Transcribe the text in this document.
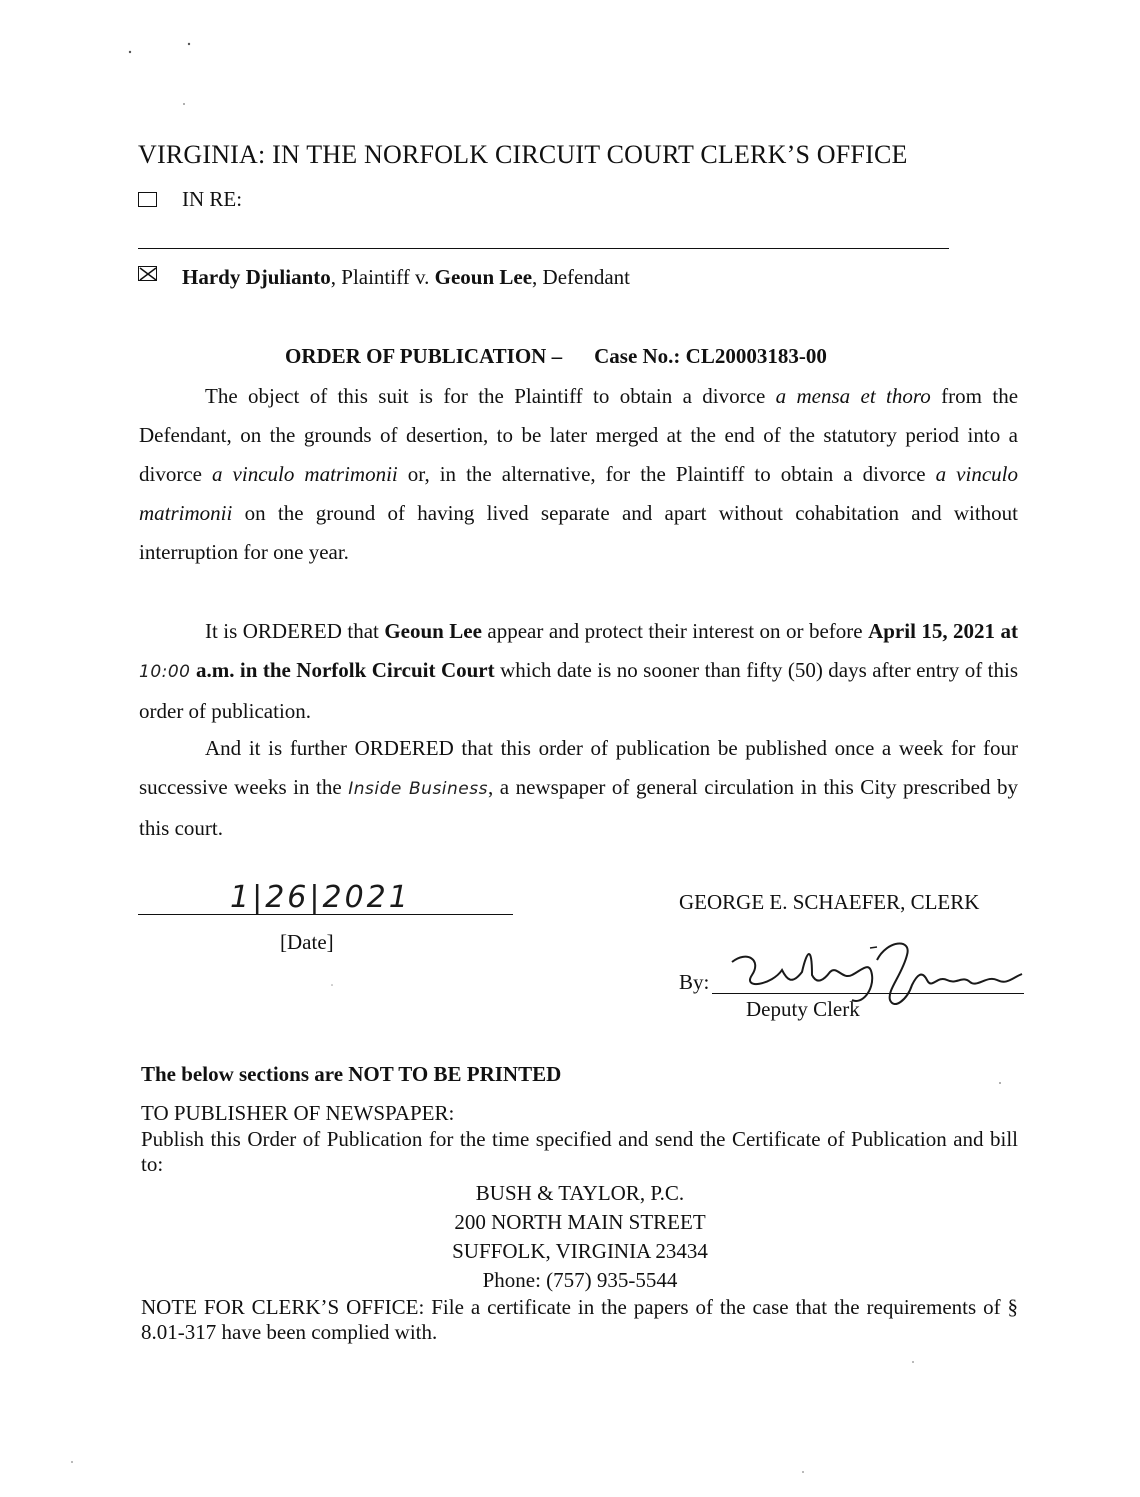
VIRGINIA: IN THE NORFOLK CIRCUIT COURT CLERK’S OFFICE
IN RE:
Hardy Djulianto, Plaintiff v. Geoun Lee, Defendant
ORDER OF PUBLICATION – Case No.: CL20003183-00
The object of this suit is for the Plaintiff to obtain a divorce a mensa et thoro from the Defendant, on the grounds of desertion, to be later merged at the end of the statutory period into a divorce a vinculo matrimonii or, in the alternative, for the Plaintiff to obtain a divorce a vinculo matrimonii on the ground of having lived separate and apart without cohabitation and without interruption for one year.
It is ORDERED that Geoun Lee appear and protect their interest on or before April 15, 2021 at 10:00 a.m. in the Norfolk Circuit Court which date is no sooner than fifty (50) days after entry of this order of publication.
And it is further ORDERED that this order of publication be published once a week for four successive weeks in the Inside Business, a newspaper of general circulation in this City prescribed by this court.
1|26|2021
[Date]
GEORGE E. SCHAEFER, CLERK
By:
Deputy Clerk
The below sections are NOT TO BE PRINTED
TO PUBLISHER OF NEWSPAPER:
Publish this Order of Publication for the time specified and send the Certificate of Publication and bill to:
BUSH & TAYLOR, P.C.
200 NORTH MAIN STREET
SUFFOLK, VIRGINIA 23434
Phone: (757) 935-5544
NOTE FOR CLERK’S OFFICE: File a certificate in the papers of the case that the requirements of § 8.01-317 have been complied with.
